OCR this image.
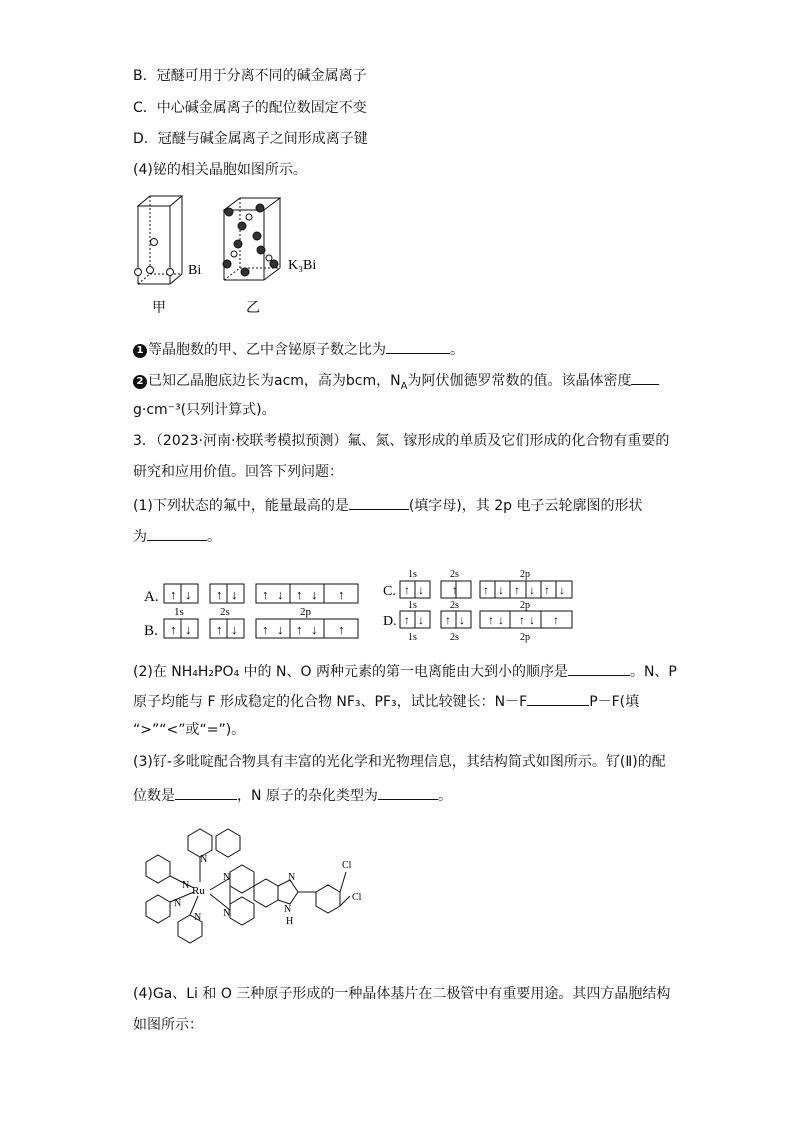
B．冠醚可用于分离不同的碱金属离子
C．中心碱金属离子的配位数固定不变
D．冠醚与碱金属离子之间形成离子键
(4)铋的相关晶胞如图所示。
Bi
甲
K₃Bi
乙
1 等晶胞数的甲、乙中含铋原子数之比为	。
2 已知乙晶胞底边长为acm，高为bcm，$N_A$为阿伏伽德罗常数的值。该晶体密度
g·cm⁻³(只列计算式)。
3．（2023·河南·校联考模拟预测）氟、氮、镓形成的单质及它们形成的化合物有重要的
研究和应用价值。回答下列问题：
(1)下列状态的氟中，能量最高的是	(填字母)，其 2p 电子云轮廓图的形状
为	。
A. ↑ ↓ ↑ ↓ ↑ ↓ ↑ ↓ ↑
1s	2s	2p
B. ↑ ↓ ↑ ↓ ↑ ↓ ↑ ↓ ↑
C.
1s	2s	2p
↑ ↓ ↑ ↑ ↓ ↑ ↓ ↑ ↓
D.
1s	2s	2p
↑ ↓ ↑ ↓ ↑ ↓ ↑ ↓ ↑
1s	2s	2p
(2)在 NH₄H₂PO₄ 中的 N、O 两种元素的第一电离能由大到小的顺序是	。N、P
原子均能与 F 形成稳定的化合物 NF₃、PF₃，试比较键长：N－F	P－F(填
“>”“<”或“=”)。
(3)钌-多吡啶配合物具有丰富的光化学和光物理信息，其结构简式如图所示。钌(Ⅱ)的配
位数是	，N 原子的杂化类型为	。
Ru
N
N
N
N
N
N
N
N
H
Cl
Cl
(4)Ga、Li 和 O 三种原子形成的一种晶体基片在二极管中有重要用途。其四方晶胞结构
如图所示：
